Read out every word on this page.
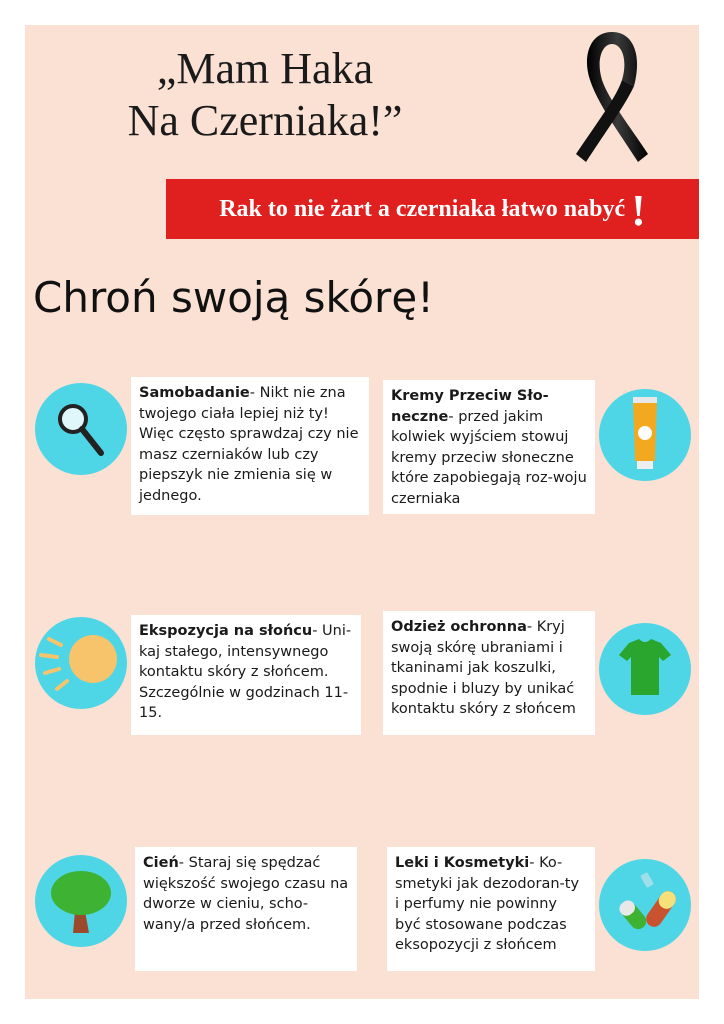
„Mam Haka
Na Czerniaka!”
Rak to nie żart a czerniaka łatwo nabyć !
Chroń swoją skórę!
Samobadanie- Nikt nie zna twojego ciała lepiej niż ty! Więc często sprawdzaj czy nie masz czerniaków lub czy piepszyk nie zmienia się w jednego.
Kremy Przeciw Sło-neczne- przed jakim kolwiek wyjściem stowuj kremy przeciw słoneczne które zapobiegają roz-woju czerniaka
Ekspozycja na słońcu- Uni-kaj stałego, intensywnego kontaktu skóry z słońcem. Szczególnie w godzinach 11-15.
Odzież ochronna- Kryj swoją skórę ubraniami i tkaninami jak koszulki, spodnie i bluzy by unikać kontaktu skóry z słońcem
Cień- Staraj się spędzać większość swojego czasu na dworze w cieniu, scho-wany/a przed słońcem.
Leki i Kosmetyki- Ko-smetyki jak dezodoran-ty i perfumy nie powinny być stosowane podczas eksopozycji z słońcem
